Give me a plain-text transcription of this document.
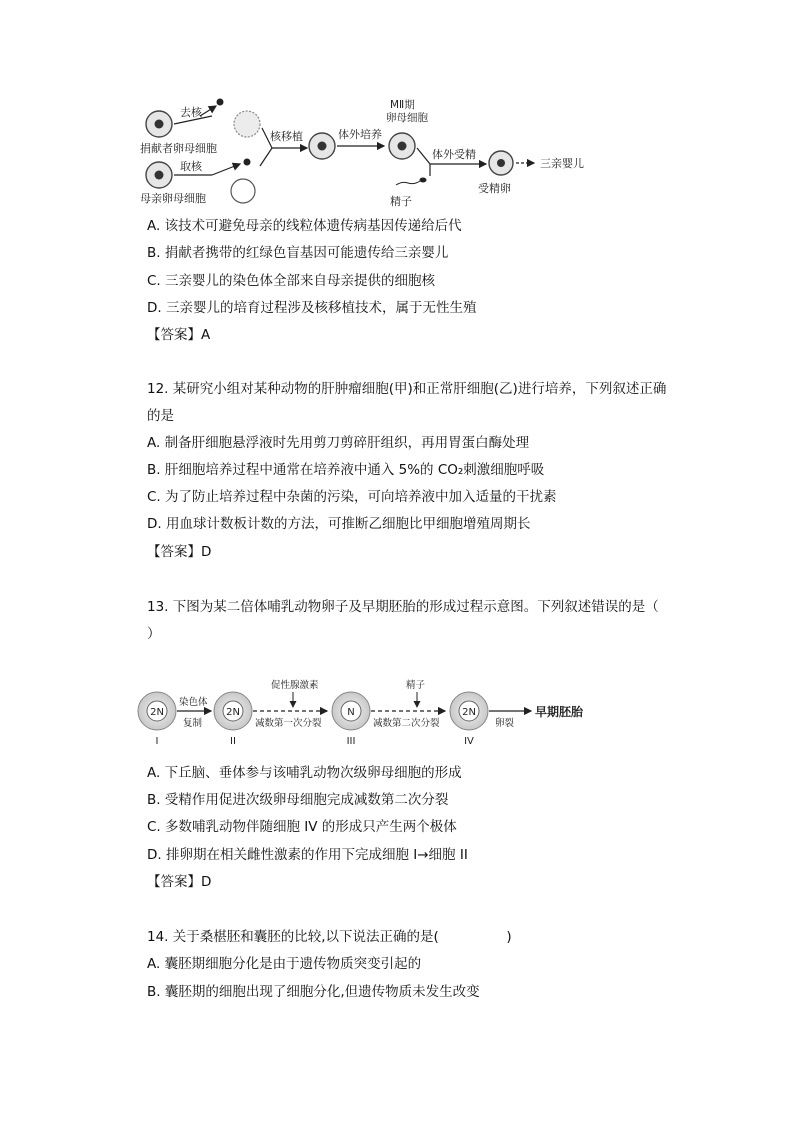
去核
捐献者卵母细胞
取核
母亲卵母细胞
核移植	体外培养
MⅡ期
卵母细胞
精子
体外受精
受精卵
三亲婴儿
A. 该技术可避免母亲的线粒体遗传病基因传递给后代
B. 捐献者携带的红绿色盲基因可能遗传给三亲婴儿
C. 三亲婴儿的染色体全部来自母亲提供的细胞核
D. 三亲婴儿的培育过程涉及核移植技术，属于无性生殖
【答案】A
12. 某研究小组对某种动物的肝肿瘤细胞(甲)和正常肝细胞(乙)进行培养，下列叙述正确
的是
A. 制备肝细胞悬浮液时先用剪刀剪碎肝组织，再用胃蛋白酶处理
B. 肝细胞培养过程中通常在培养液中通入 5%的 CO₂刺激细胞呼吸
C. 为了防止培养过程中杂菌的污染，可向培养液中加入适量的干扰素
D. 用血球计数板计数的方法，可推断乙细胞比甲细胞增殖周期长
【答案】D
13. 下图为某二倍体哺乳动物卵子及早期胚胎的形成过程示意图。下列叙述错误的是（
）
2N
I
染色体
复制
2N
II
促性腺激素
减数第一次分裂
N
III
精子
减数第二次分裂
2N
IV
卵裂
早期胚胎
A. 下丘脑、垂体参与该哺乳动物次级卵母细胞的形成
B. 受精作用促进次级卵母细胞完成减数第二次分裂
C. 多数哺乳动物伴随细胞 IV 的形成只产生两个极体
D. 排卵期在相关雌性激素的作用下完成细胞 I→细胞 II
【答案】D
14. 关于桑椹胚和囊胚的比较,以下说法正确的是(　　　　　)
A. 囊胚期细胞分化是由于遗传物质突变引起的
B. 囊胚期的细胞出现了细胞分化,但遗传物质未发生改变
